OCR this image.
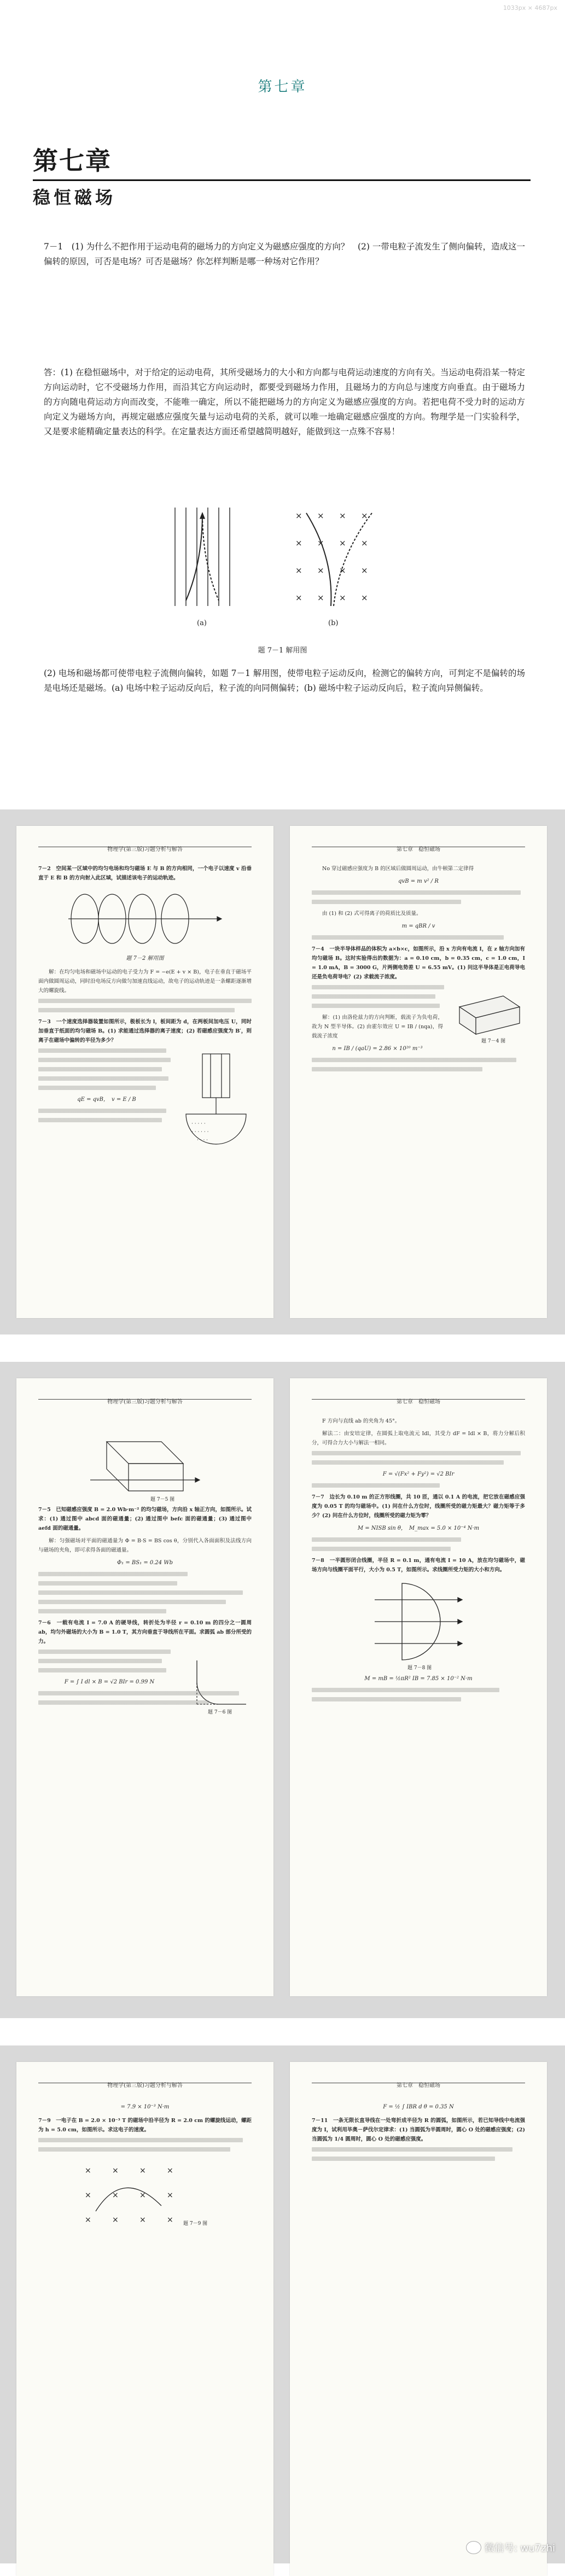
1033px × 4687px
第七章
第七章
稳恒磁场
7－1　(1) 为什么不把作用于运动电荷的磁场力的方向定义为磁感应强度的方向？　(2) 一带电粒子流发生了侧向偏转，造成这一偏转的原因，可否是电场？可否是磁场？你怎样判断是哪一种场对它作用？
答：(1) 在稳恒磁场中，对于给定的运动电荷，其所受磁场力的大小和方向都与电荷运动速度的方向有关。当运动电荷沿某一特定方向运动时，它不受磁场力作用，而沿其它方向运动时，都要受到磁场力作用，且磁场力的方向总与速度方向垂直。由于磁场力的方向随电荷运动方向而改变，不能唯一确定，所以不能把磁场力的方向定义为磁感应强度的方向。若把电荷不受力时的运动方向定义为磁场方向，再规定磁感应强度矢量与运动电荷的关系，就可以唯一地确定磁感应强度的方向。物理学是一门实验科学，又是要求能精确定量表达的科学。在定量表达方面还希望越简明越好，能做到这一点殊不容易！
(a)
× × × ×
× × × ×
× × × ×
× × × ×
(b)
题 7－1 解用图
(2) 电场和磁场都可使带电粒子流侧向偏转，如题 7－1 解用图，使带电粒子运动反向，检测它的偏转方向，可判定不是偏转的场是电场还是磁场。(a) 电场中粒子运动反向后，粒子流的向同侧偏转；(b) 磁场中粒子运动反向后，粒子流向异侧偏转。
物理学(第三版)习题分析与解答

7－2　空间某一区域中的均匀电场和均匀磁场 E 与 B 的方向相同，一个电子以速度 v 沿垂直于 E 和 B 的方向射入此区域，试描述该电子的运动轨迹。

题 7－2 解用图

解：在均匀电场和磁场中运动的电子受力为 F = −e(E + v × B)，电子在垂直于磁场平面内做圆周运动，同时沿电场反方向做匀加速直线运动，故电子的运动轨迹是一条螺距逐渐增大的螺旋线。

7－3　一个速度选择器装置如图所示，极板长为 l，板间距为 d，在两板间加电压 U，同时加垂直于纸面的均匀磁场 B。(1) 求能通过选择器的离子速度；(2) 若磁感应强度为 B′，则离子在磁场中偏转的半径为多少？

· · · · ·
· · · · · ·
· · · ·

qE = qvB，　v = E / B

第七章　稳恒磁场

No 穿过磁感应强度为 B 的区域后做圆周运动，由牛顿第二定律得

qvB = m v² / R

由 (1) 和 (2) 式可得离子的荷质比及质量。

m = qBR / v

7－4　一块半导体样品的体积为 a×b×c，如图所示，沿 x 方向有电流 I，在 z 轴方向加有均匀磁场 B。这时实验得出的数据为：a = 0.10 cm，b = 0.35 cm，c = 1.0 cm，I = 1.0 mA，B = 3000 G，片两侧电势差 U = 6.55 mV。(1) 问这半导体是正电荷导电还是负电荷导电？(2) 求载流子浓度。

题 7－4 图

解：(1) 由洛伦兹力的方向判断，载流子为负电荷，故为 N 型半导体。(2) 由霍尔效应 U = IB / (nqa)，得载流子浓度

n = IB / (qaU) = 2.86 × 10²⁰ m⁻³

物理学(第三版)习题分析与解答
题 7－5 图

7－5　已知磁感应强度 B = 2.0 Wb·m⁻² 的均匀磁场，方向沿 x 轴正方向，如图所示。试求：(1) 通过图中 abcd 面的磁通量；(2) 通过图中 befc 面的磁通量；(3) 通过图中 aefd 面的磁通量。

解：匀强磁场对平面的磁通量为 Φ = B·S = BS cos θ，分别代入各面面积及法线方向与磁场的夹角，即可求得各面的磁通量。

Φ₁ = BS₁ = 0.24 Wb

7－6　一载有电流 I = 7.0 A 的硬导线，转折处为半径 r = 0.10 m 的四分之一圆周 ab，均匀外磁场的大小为 B = 1.0 T，其方向垂直于导线所在平面。求圆弧 ab 部分所受的力。

题 7－6 图

F = ∫ I dl × B = √2 BIr = 0.99 N

第七章　稳恒磁场

F 方向与直线 ab 的夹角为 45°。

解法二：由安培定律，在圆弧上取电流元 Idl，其受力 dF = Idl × B，将力分解后积分，可得合力大小与解法一相同。

F = √(Fx² + Fy²) = √2 BIr

7－7　边长为 0.10 m 的正方形线圈，共 10 匝，通以 0.1 A 的电流，把它放在磁感应强度为 0.05 T 的均匀磁场中。(1) 问在什么方位时，线圈所受的磁力矩最大？磁力矩等于多少？(2) 问在什么方位时，线圈所受的磁力矩为零？

M = NISB sin θ，　M_max = 5.0 × 10⁻⁴ N·m

7－8　一半圆形闭合线圈，半径 R = 0.1 m，通有电流 I = 10 A，放在均匀磁场中，磁场方向与线圈平面平行，大小为 0.5 T，如图所示。求线圈所受力矩的大小和方向。

题 7－8 图

M = mB = ½πR² IB = 7.85 × 10⁻² N·m

物理学(第三版)习题分析与解答

= 7.9 × 10⁻³ N·m

7－9　一电子在 B = 2.0 × 10⁻³ T 的磁场中沿半径为 R = 2.0 cm 的螺旋线运动，螺距为 h = 5.0 cm，如图所示。求这电子的速度。

×	×	×	×
×	×	×	×
×	×	×	× 题 7－9 图
第七章　稳恒磁场

F = ½ ∫ IBR d θ = 0.35 N

7－11　一条无限长直导线在一处弯折成半径为 R 的圆弧，如图所示，若已知导线中电流强度为 I，试利用毕奥－萨伐尔定律求：(1) 当圆弧为半圆周时，圆心 O 处的磁感应强度；(2) 当圆弧为 1/4 圆周时，圆心 O 处的磁感应强度。

微信号: wu7zhi
